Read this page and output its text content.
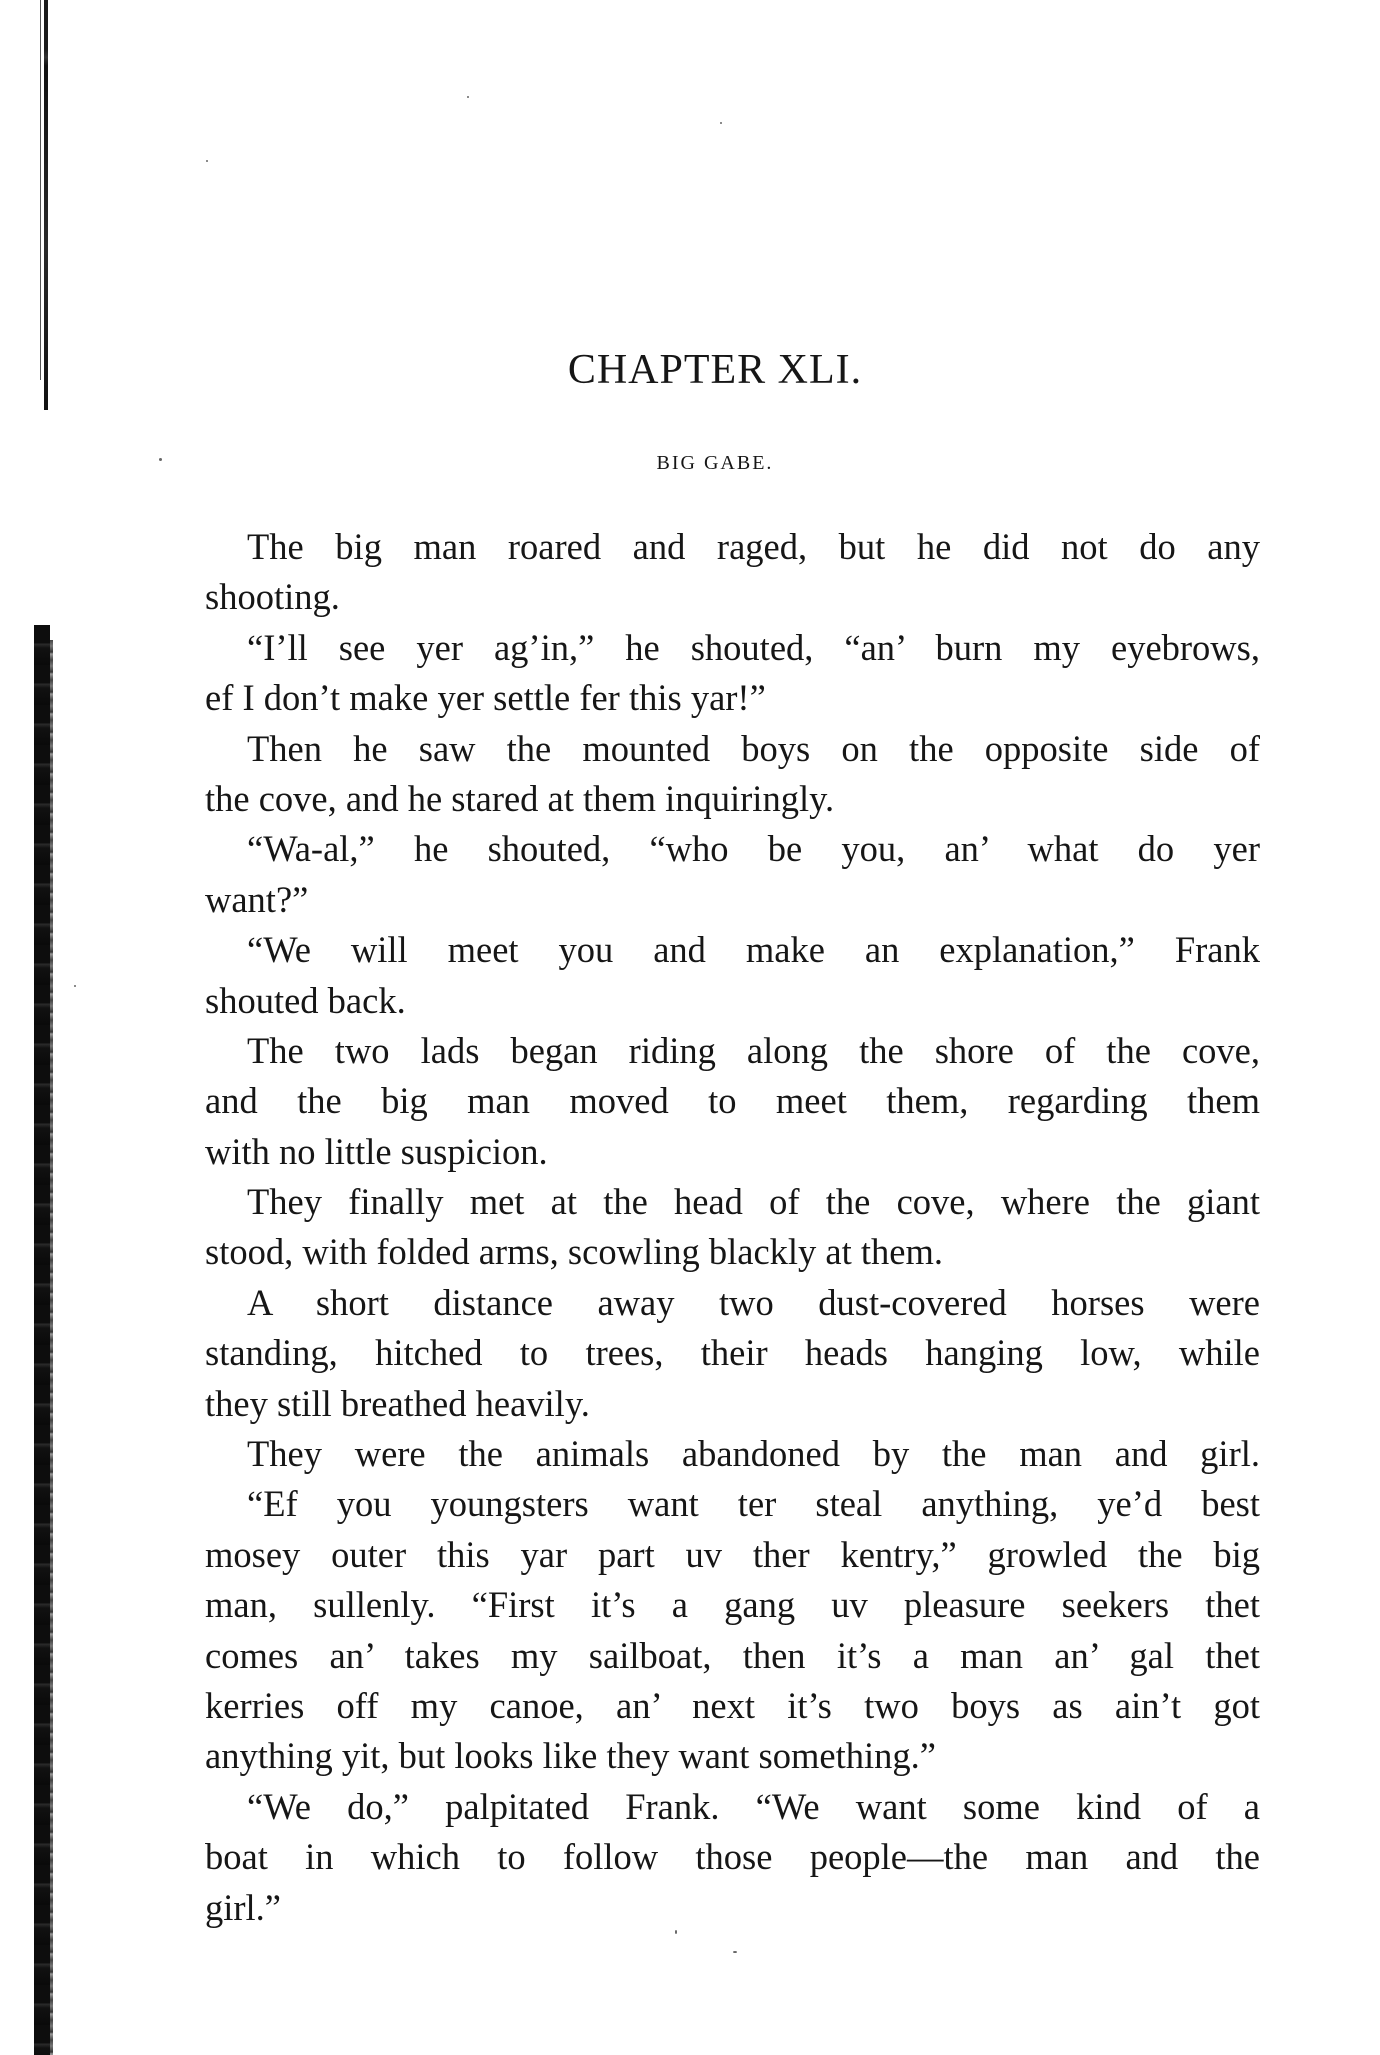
CHAPTER XLI.
BIG GABE.
The big man roared and raged, but he did not do any
shooting.
“I’ll see yer ag’in,” he shouted, “an’ burn my eyebrows,
ef I don’t make yer settle fer this yar!”
Then he saw the mounted boys on the opposite side of
the cove, and he stared at them inquiringly.
“Wa-al,” he shouted, “who be you, an’ what do yer
want?”
“We will meet you and make an explanation,” Frank
shouted back.
The two lads began riding along the shore of the cove,
and the big man moved to meet them, regarding them
with no little suspicion.
They finally met at the head of the cove, where the giant
stood, with folded arms, scowling blackly at them.
A short distance away two dust-covered horses were
standing, hitched to trees, their heads hanging low, while
they still breathed heavily.
They were the animals abandoned by the man and girl.
“Ef you youngsters want ter steal anything, ye’d best
mosey outer this yar part uv ther kentry,” growled the big
man, sullenly. “First it’s a gang uv pleasure seekers thet
comes an’ takes my sailboat, then it’s a man an’ gal thet
kerries off my canoe, an’ next it’s two boys as ain’t got
anything yit, but looks like they want something.”
“We do,” palpitated Frank. “We want some kind of a
boat in which to follow those people—the man and the
girl.”
